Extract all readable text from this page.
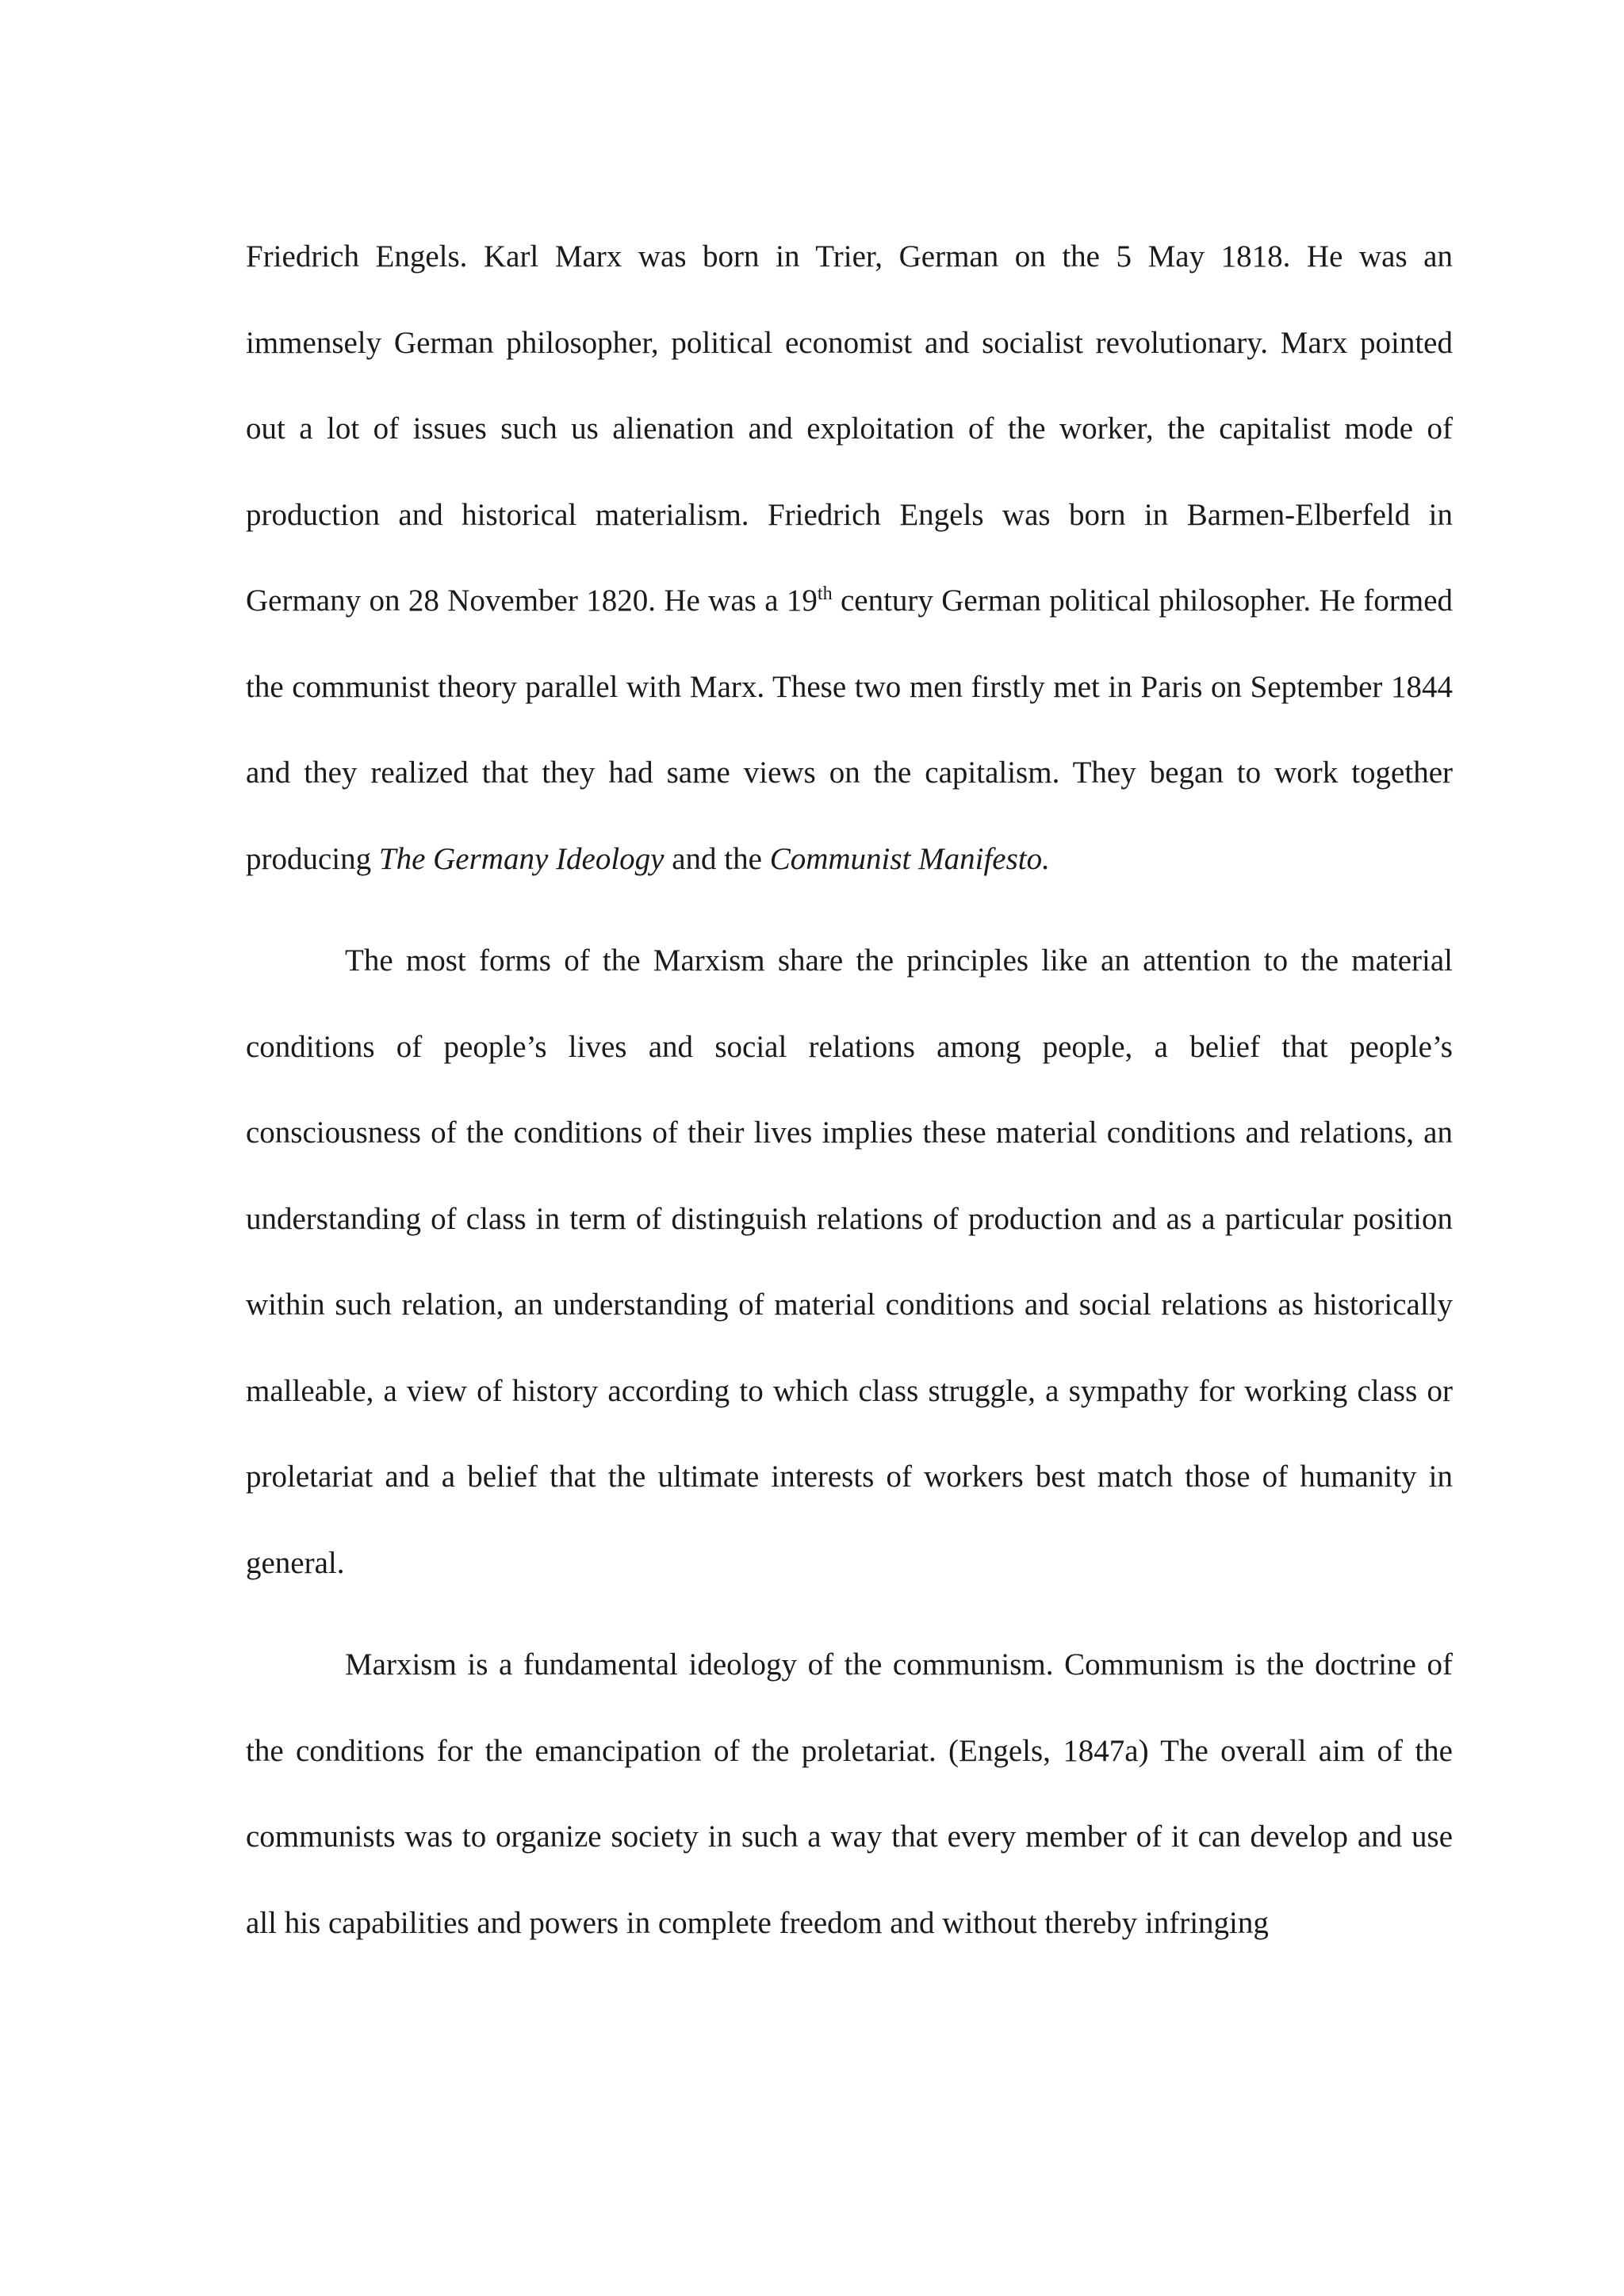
Friedrich Engels. Karl Marx was born in Trier, German on the 5 May 1818. He was an immensely German philosopher, political economist and socialist revolutionary. Marx pointed out a lot of issues such us alienation and exploitation of the worker, the capitalist mode of production and historical materialism. Friedrich Engels was born in Barmen-Elberfeld in Germany on 28 November 1820. He was a 19th century German political philosopher. He formed the communist theory parallel with Marx. These two men firstly met in Paris on September 1844 and they realized that they had same views on the capitalism. They began to work together producing The Germany Ideology and the Communist Manifesto.

The most forms of the Marxism share the principles like an attention to the material conditions of people’s lives and social relations among people, a belief that people’s consciousness of the conditions of their lives implies these material conditions and relations, an understanding of class in term of distinguish relations of production and as a particular position within such relation, an understanding of material conditions and social relations as historically malleable, a view of history according to which class struggle, a sympathy for working class or proletariat and a belief that the ultimate interests of workers best match those of humanity in general.

Marxism is a fundamental ideology of the communism. Communism is the doctrine of the conditions for the emancipation of the proletariat. (Engels, 1847a) The overall aim of the communists was to organize society in such a way that every member of it can develop and use all his capabilities and powers in complete freedom and without thereby infringing
